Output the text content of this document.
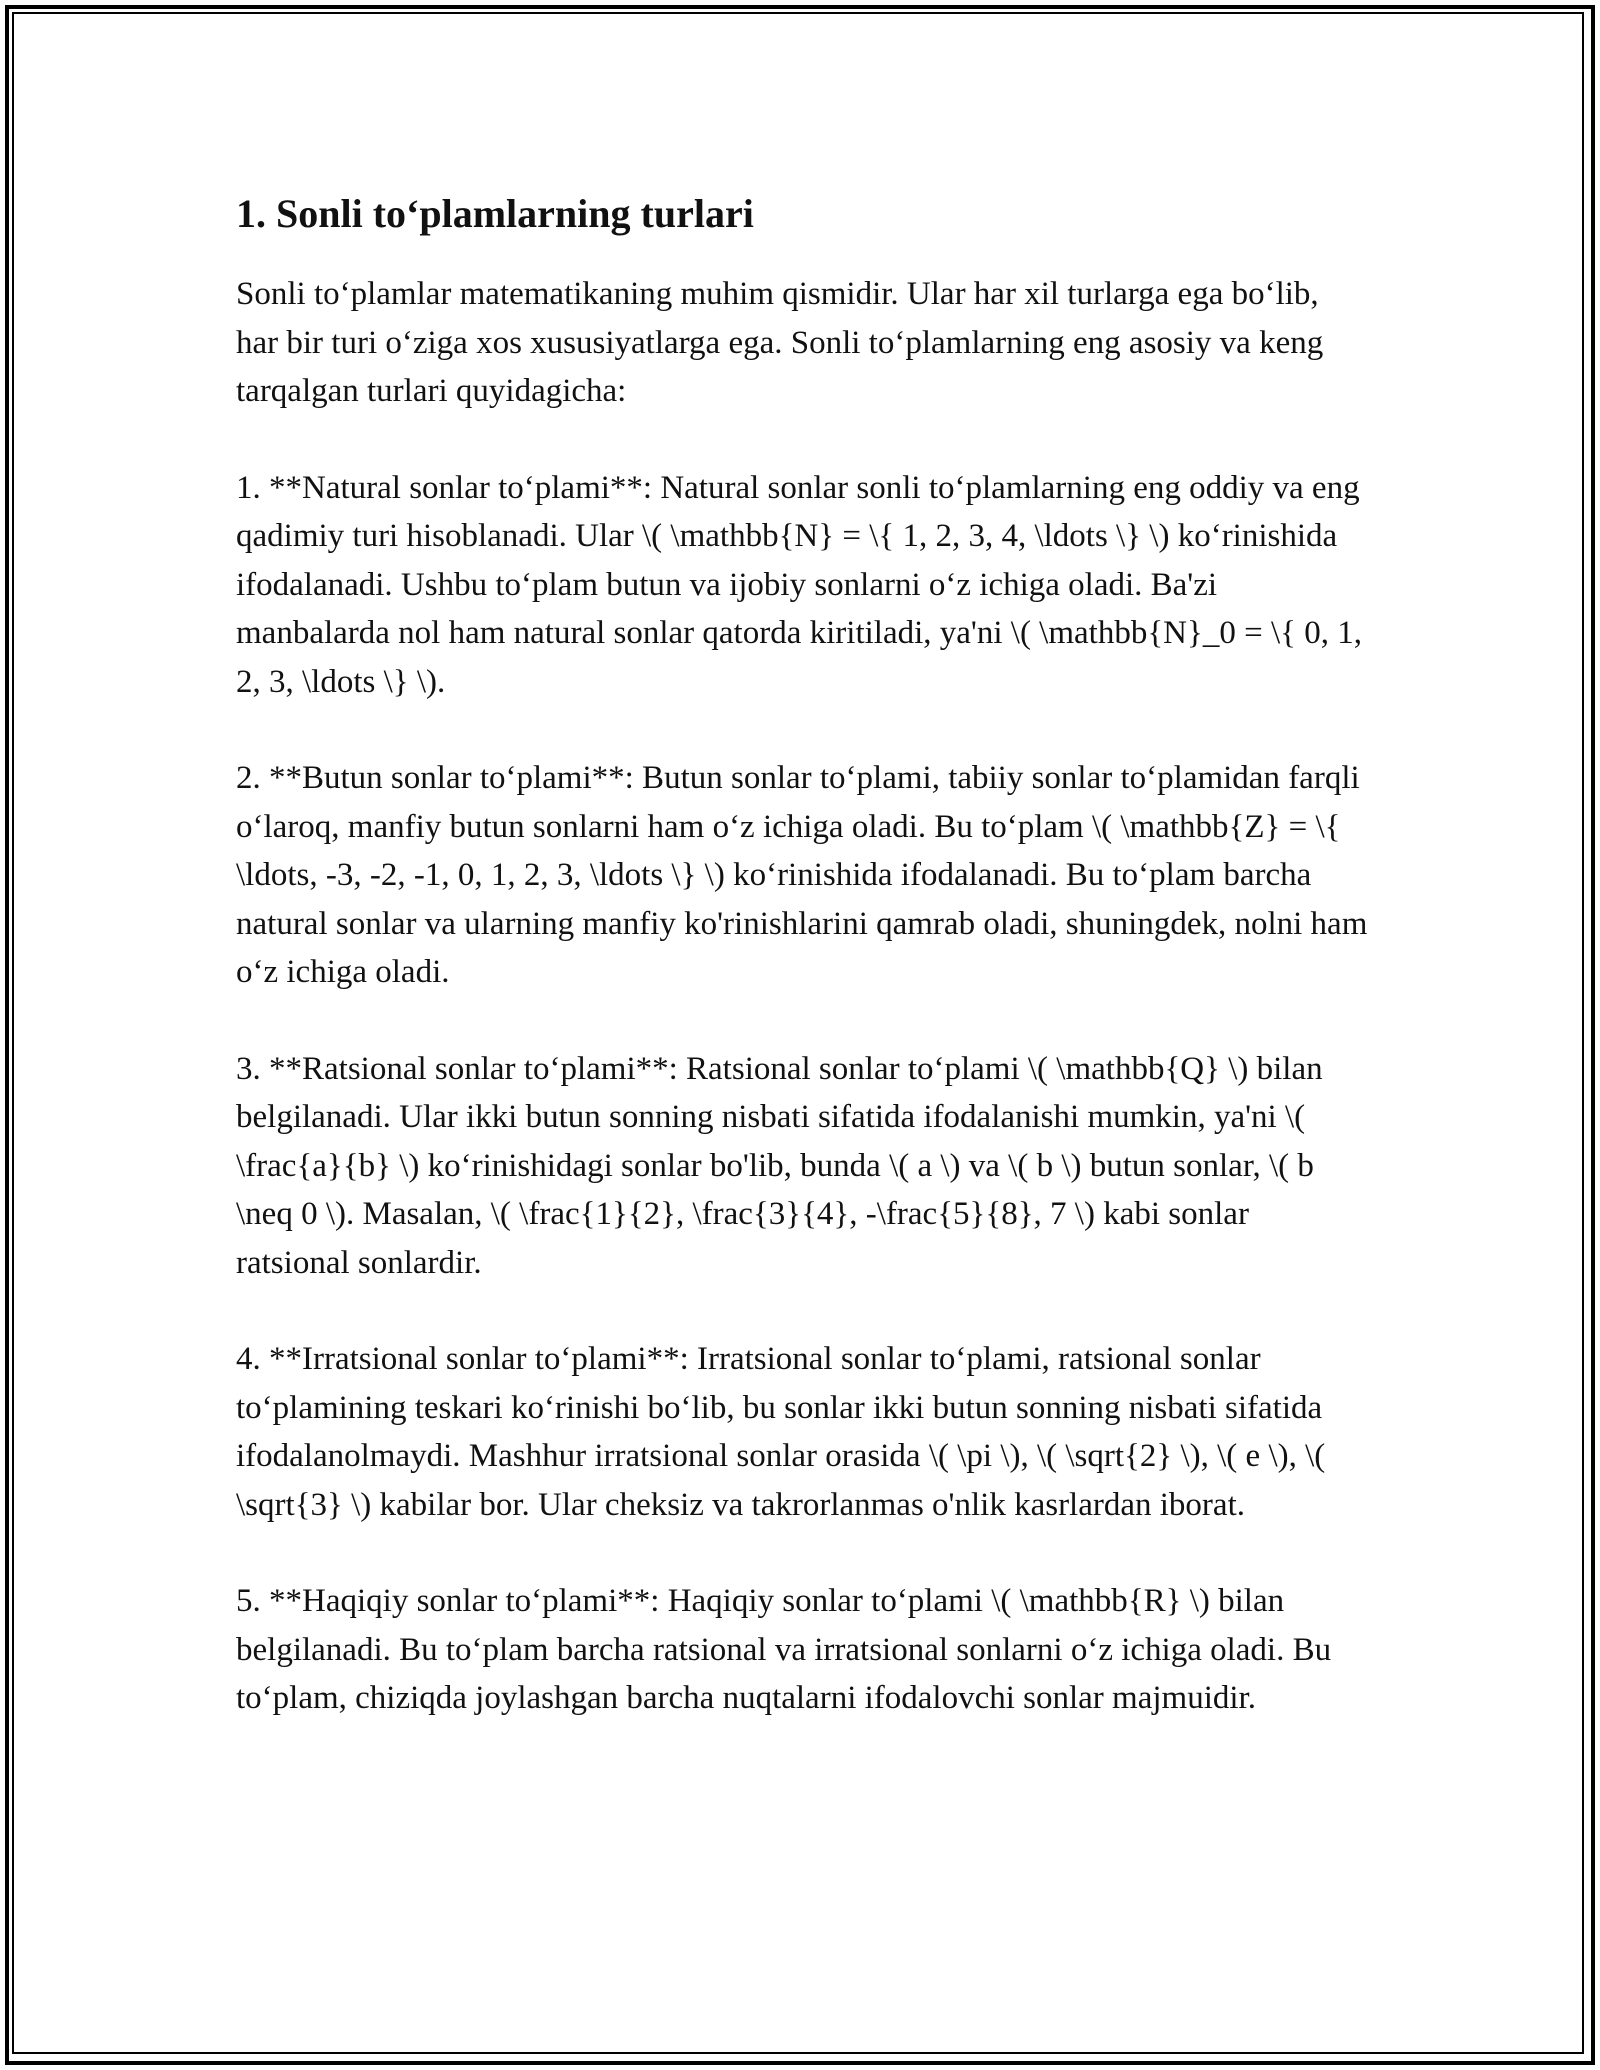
1. Sonli to‘plamlarning turlari

Sonli to‘plamlar matematikaning muhim qismidir. Ular har xil turlarga ega bo‘lib, har bir turi o‘ziga xos xususiyatlarga ega. Sonli to‘plamlarning eng asosiy va keng tarqalgan turlari quyidagicha:

1. **Natural sonlar to‘plami**: Natural sonlar sonli to‘plamlarning eng oddiy va eng qadimiy turi hisoblanadi. Ular \( \mathbb{N} = \{ 1, 2, 3, 4, \ldots \} \) ko‘rinishida ifodalanadi. Ushbu to‘plam butun va ijobiy sonlarni o‘z ichiga oladi. Ba'zi manbalarda nol ham natural sonlar qatorda kiritiladi, ya'ni \( \mathbb{N}_0 = \{ 0, 1, 2, 3, \ldots \} \).

2. **Butun sonlar to‘plami**: Butun sonlar to‘plami, tabiiy sonlar to‘plamidan farqli o‘laroq, manfiy butun sonlarni ham o‘z ichiga oladi. Bu to‘plam \( \mathbb{Z} = \{ \ldots, -3, -2, -1, 0, 1, 2, 3, \ldots \} \) ko‘rinishida ifodalanadi. Bu to‘plam barcha natural sonlar va ularning manfiy ko'rinishlarini qamrab oladi, shuningdek, nolni ham o‘z ichiga oladi.

3. **Ratsional sonlar to‘plami**: Ratsional sonlar to‘plami \( \mathbb{Q} \) bilan belgilanadi. Ular ikki butun sonning nisbati sifatida ifodalanishi mumkin, ya'ni \( \frac{a}{b} \) ko‘rinishidagi sonlar bo'lib, bunda \( a \) va \( b \) butun sonlar, \( b \neq 0 \). Masalan, \( \frac{1}{2}, \frac{3}{4}, -\frac{5}{8}, 7 \) kabi sonlar ratsional sonlardir.

4. **Irratsional sonlar to‘plami**: Irratsional sonlar to‘plami, ratsional sonlar to‘plamining teskari ko‘rinishi bo‘lib, bu sonlar ikki butun sonning nisbati sifatida ifodalanolmaydi. Mashhur irratsional sonlar orasida \( \pi \), \( \sqrt{2} \), \( e \), \( \sqrt{3} \) kabilar bor. Ular cheksiz va takrorlanmas o'nlik kasrlardan iborat.

5. **Haqiqiy sonlar to‘plami**: Haqiqiy sonlar to‘plami \( \mathbb{R} \) bilan belgilanadi. Bu to‘plam barcha ratsional va irratsional sonlarni o‘z ichiga oladi. Bu to‘plam, chiziqda joylashgan barcha nuqtalarni ifodalovchi sonlar majmuidir.
